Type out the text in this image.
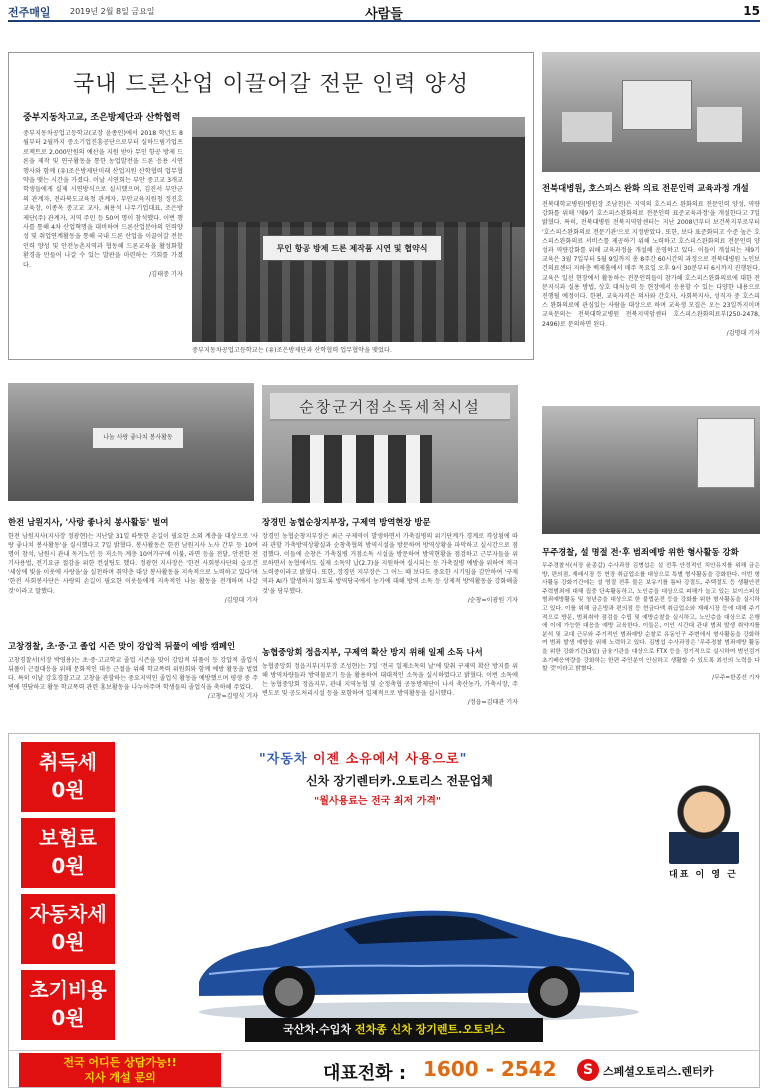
전주매일 2019년 2월 8일 금요일	사람들	15
국내 드론산업 이끌어갈 전문 인력 양성
중부지동차고교, 조은방제단과 산학협력
중부지동차공업고등학교(교장 윤종인)에서 2018 학년도 8월부터 2월까지 중소기업진흥공단으로부터 실하드림기업프로젝트로 2,000만원의 예산을 지원 받아 무인 항공 방제 드론을 제작 및 연구활동을 통한 농업발전을 드론 응용 시연 행사와 함께 (유)조은방제단미래 산업지원 산학협력 업무협약을 맺는 시간을 가졌다. 이날 시연회는 부안 중고교 3개교학생들에게 실제 시연방식으로 실시했으며, 김진서 부안군의 관계자, 전라북도교육청 관계자, 부안교육지원청 정진호 교육장, 이종옥 중고교 교사, 최용석 나무기업대표, 조은방제단(주) 관계자, 지역 주민 등 50여 명이 참석했다. 이번 행사를 통해 4차 산업혁명을 대비하여 드론산업분야의 인력양성 및 취업연계활동을 통해 국내 드론 산업을 이끌어갈 전문 인력 양성 및 안전농촌지역과 협동해 드론교육을 활성화할 환경을 만들어 나갈 수 있는 발판을 마련하는 기회를 가졌다.
/김태중 기자
무인 항공 방제 드론 제작품 시연 및 협약식
중부지동차공업고등학교는 (유)조은방제단과 산학협력 업무협약을 맺었다.
전북대병원, 호스피스 완화 의료 전문인력 교육과정 개설
전북대학교병원(병원장 조남천)은 지역의 호스피스 완화의료 전문인력 양성, 역량강화를 위해 '제9기 호스피스완화의료 전문인력 표준교육과정'을 개설한다고 7일 밝혔다. 특히, 전북대병원 전북지역암센터는 지난 2008년부터 보건복지부로부터 '호스피스완화의료 전문기관'으로 지정받았다. 또한, 보다 표준화되고 수준 높은 호스피스완화의료 서비스를 제공하기 위해 노력하고 호스피스완화의료 전문인력 양성과 역량강화를 위해 교육과정을 개설해 운영하고 있다. 이들이 개설되는 제9기 교육은 3월 7일부터 5월 9일까지 총 8주간 60시간의 과정으로 전북대병원 노인보건의료센터 지하층 백제홀에서 매주 목요일 오후 9시 30분부터 6시까지 진행된다. 교육은 일선 현장에서 활동하는 전문인력들이 참가해 호스피스완화의료에 대한 전문지식과 실용 방법, 상호 대처능력 등 현장에서 응용할 수 있는 다양한 내용으로 진행될 예정이다. 한편, 교육자격은 의사와 간호사, 사회복지사, 성직자 중 호스피스 완화의료에 관심있는 사람을 대상으로 하며 교육생 모집은 오는 23일까지이며 교육문의는 전북대학교병원 전북지역암센터 호스피스완화의료부(250-2478, 2496)로 문의하면 된다.
/김명대 기자
나눔 사랑 좋나치 봉사활동
순창군거점소독세척시설
한전 남원지사, '사랑 좋나치 봉사활동' 벌여
한전 남원지사(지사장 정광현)는 지난달 31일 따뜻한 손길이 필요한 소외 계층을 대상으로 '사랑 좋나치 봉사활동'을 실시했다고 7일 밝혔다. 봉사활동은 한전 남원지사 노사 간부 등 10여명이 참석, 남원시 관내 독거노인 등 저소득 계층 10여가구에 이불, 라면 등을 전달, 안전한 전기사용법, 전기요금 절감을 위한 컨설팅도 했다. 정광현 지사장은 '한전 사회봉사단의 슬로건 '세상에 빛을 이웃에 사랑을'을 실천하며 취약층 대상 봉사활동을 지속적으로 노력하고 있다'며 '한전 사회봉사단은 사랑의 손길이 필요한 이웃들에게 지속적인 나눔 활동을 전개하며 나갈 것'이라고 말했다.
/김영대 기자
고창경찰, 초·중·고 졸업 시즌 맞이 강압적 뒤풀이 예방 캠페인
고창경찰서(서장 박영용)는 초·중·고교학교 졸업 시즌을 맞이 강압적 뒤풀이 등 강압적 졸업식 뒤풀이 근절대응을 위해 문화적인 대응 근절을 위해 학교폭력 위원회와 함께 예방 활동을 벌였다. 특히 이날 강호경찰고교 고창을 관할하는 중요지역인 졸업식 활동을 예방했으며 평생 중 주변에 면담하고 활동 학교폭력 관련 홍보활동을 나누어주며 학생들의 졸업식을 축하해 주었다.
/고창=김영식 기자
장경민 농협순창지부장, 구제역 방역현장 방문
장경민 농협순창지부장은 최근 구제역이 발생하면서 가축질병의 위기단계가 경계로 격상됨에 따라 관할 가축방역상황실과 순창축협의 방역시설을 방문하여 방역상황을 파악하고 실시간으로 점검했다. 이들에 순창은 가축질병 거점소독 시설을 방문하여 방역현황을 점검하고 근무자들을 위로하면서 농협에서도 실제 소독약 납(2.7)을 지원하여 실시되는 등 가축질병 예방을 위하여 적극 노력중이라고 밝혔다. 또한, 장경민 지부장은 그 어느 때 보다도 중요한 시기임을 감안하여 '구제역과 AI가 발생하지 않도록 방역당국에서 농가에 대해 방역 소독 등 상제적 방역활동을 강화해줄 것'을 당부했다.
/순창=이광원 기자
농협중앙회 정읍지부, 구제역 확산 방지 위해 일제 소독 나서
농협중앙회 정읍지부(지부장 조성현)는 7일 '전국 일제소독의 날'에 맞춰 구제역 확산 방지를 위해 방역차량들과 방역물로기 등을 활용하여 대대적인 소독을 실시하였다고 밝혔다. 이번 소독에는 농협중앙회 정읍지부, 관내 지역농협 및 순정축협 공동방제단이 나서 축산농가, 가축시장, 주변도로 및 공도처리시설 등을 포함하여 일제적으로 방역활동을 실시했다.
/정읍=김태관 기자
무주경찰, 설 명절 전·후 범죄예방 위한 형사활동 강화
무주경찰서(서장 윤종갑) 수사과장 김병섭은 설 전후 안정적인 치안유지를 위해 금은방, 편의점, 재래시장 등 현장 취급업소를 대상으로 특별 형사활동을 강화한다. 이번 형사활동 강화기간에는 설 명절 전후 물은 보유기를 틈타 강절도, 주택절도 등 생활안전 주력범죄에 대해 집중 단속활동하고, 노인층을 대상으로 피해가 늘고 있는 보이스피싱 범죄예방활동 및 청년층을 대상으로 한 불법운전 등을 강화를 위한 형사활동을 실시하고 있다. 이를 위해 금은방과 편의점 등 현금다액 취급업소와 재래시장 등에 대해 주기적으로 방문, 범죄취약 점검을 수립 및 예방순찰을 실시하고, 노인층을 대상으로 은행에 이에 가능한 대응을 예방 교육한다. 이들은, 이인 시간대 관내 범죄 발생 취약지를 분석 및 교대 근무와 주기적인 범죄예방 순찰로 유동인구 주변에서 형사활동을 강화하여 범죄 발생 예방을 위해 노력하고 있다. 김병섭 수사과장은 '무주경찰 범죄예방 활동을 위한 강화기간(3일) 금융기관을 대상으로 FTX 등을 정기적으로 실시하여 범인검거 초기배응역량을 강화하는 한편 주민분이 안심하고 생활할 수 있도록 최선의 노력을 다할 것'이라고 밝혔다.
/무주=한종선 기자
취득세
0원
보험료
0원
자동차세
0원
초기비용
0원
"자동차 이젠 소유에서 사용으로"
신차 장기렌터카.오토리스 전문업체
"월사용료는 전국 최저 가격"
대표 이 영 근
국산차.수입차 전차종 신차 장기렌트.오토리스
전국 어디든 상담가능!!
지사 개설 문의	대표전화 : 1600 - 2542	S 스페셜오토리스.렌터카
